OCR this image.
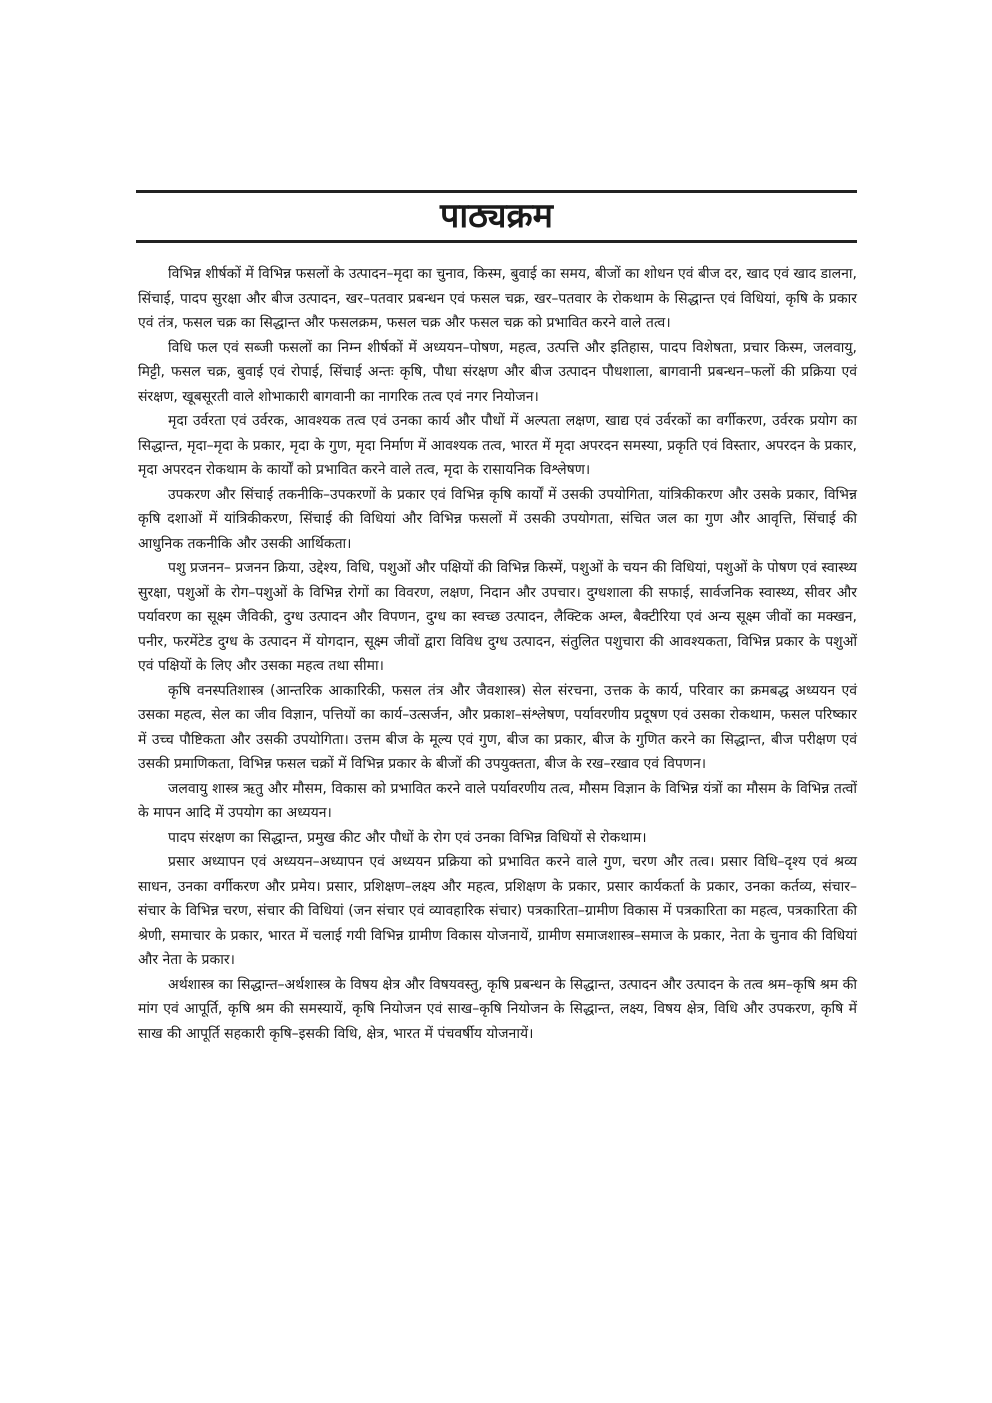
पाठ्यक्रम

विभिन्न शीर्षकों में विभिन्न फसलों के उत्पादन–मृदा का चुनाव, किस्म, बुवाई का समय, बीजों का शोधन एवं बीज दर, खाद एवं खाद डालना, सिंचाई, पादप सुरक्षा और बीज उत्पादन, खर–पतवार प्रबन्धन एवं फसल चक्र, खर–पतवार के रोकथाम के सिद्धान्त एवं विधियां, कृषि के प्रकार एवं तंत्र, फसल चक्र का सिद्धान्त और फसलक्रम, फसल चक्र और फसल चक्र को प्रभावित करने वाले तत्व।

विधि फल एवं सब्जी फसलों का निम्न शीर्षकों में अध्ययन–पोषण, महत्व, उत्पत्ति और इतिहास, पादप विशेषता, प्रचार किस्म, जलवायु, मिट्टी, फसल चक्र, बुवाई एवं रोपाई, सिंचाई अन्तः कृषि, पौधा संरक्षण और बीज उत्पादन पौधशाला, बागवानी प्रबन्धन–फलों की प्रक्रिया एवं संरक्षण, खूबसूरती वाले शोभाकारी बागवानी का नागरिक तत्व एवं नगर नियोजन।

मृदा उर्वरता एवं उर्वरक, आवश्यक तत्व एवं उनका कार्य और पौधों में अल्पता लक्षण, खाद्य एवं उर्वरकों का वर्गीकरण, उर्वरक प्रयोग का सिद्धान्त, मृदा–मृदा के प्रकार, मृदा के गुण, मृदा निर्माण में आवश्यक तत्व, भारत में मृदा अपरदन समस्या, प्रकृति एवं विस्तार, अपरदन के प्रकार, मृदा अपरदन रोकथाम के कार्यों को प्रभावित करने वाले तत्व, मृदा के रासायनिक विश्लेषण।

उपकरण और सिंचाई तकनीकि–उपकरणों के प्रकार एवं विभिन्न कृषि कार्यों में उसकी उपयोगिता, यांत्रिकीकरण और उसके प्रकार, विभिन्न कृषि दशाओं में यांत्रिकीकरण, सिंचाई की विधियां और विभिन्न फसलों में उसकी उपयोगता, संचित जल का गुण और आवृत्ति, सिंचाई की आधुनिक तकनीकि और उसकी आर्थिकता।

पशु प्रजनन– प्रजनन क्रिया, उद्देश्य, विधि, पशुओं और पक्षियों की विभिन्न किस्में, पशुओं के चयन की विधियां, पशुओं के पोषण एवं स्वास्थ्य सुरक्षा, पशुओं के रोग–पशुओं के विभिन्न रोगों का विवरण, लक्षण, निदान और उपचार। दुग्धशाला की सफाई, सार्वजनिक स्वास्थ्य, सीवर और पर्यावरण का सूक्ष्म जैविकी, दुग्ध उत्पादन और विपणन, दुग्ध का स्वच्छ उत्पादन, लैक्टिक अम्ल, बैक्टीरिया एवं अन्य सूक्ष्म जीवों का मक्खन, पनीर, फरमेंटेड दुग्ध के उत्पादन में योगदान, सूक्ष्म जीवों द्वारा विविध दुग्ध उत्पादन, संतुलित पशुचारा की आवश्यकता, विभिन्न प्रकार के पशुओं एवं पक्षियों के लिए और उसका महत्व तथा सीमा।

कृषि वनस्पतिशास्त्र (आन्तरिक आकारिकी, फसल तंत्र और जैवशास्त्र) सेल संरचना, उत्तक के कार्य, परिवार का क्रमबद्ध अध्ययन एवं उसका महत्व, सेल का जीव विज्ञान, पत्तियों का कार्य–उत्सर्जन, और प्रकाश–संश्लेषण, पर्यावरणीय प्रदूषण एवं उसका रोकथाम, फसल परिष्कार में उच्च पौष्टिकता और उसकी उपयोगिता। उत्तम बीज के मूल्य एवं गुण, बीज का प्रकार, बीज के गुणित करने का सिद्धान्त, बीज परीक्षण एवं उसकी प्रमाणिकता, विभिन्न फसल चक्रों में विभिन्न प्रकार के बीजों की उपयुक्तता, बीज के रख–रखाव एवं विपणन।

जलवायु शास्त्र ऋतु और मौसम, विकास को प्रभावित करने वाले पर्यावरणीय तत्व, मौसम विज्ञान के विभिन्न यंत्रों का मौसम के विभिन्न तत्वों के मापन आदि में उपयोग का अध्ययन।

पादप संरक्षण का सिद्धान्त, प्रमुख कीट और पौधों के रोग एवं उनका विभिन्न विधियों से रोकथाम।

प्रसार अध्यापन एवं अध्ययन–अध्यापन एवं अध्ययन प्रक्रिया को प्रभावित करने वाले गुण, चरण और तत्व। प्रसार विधि–दृश्य एवं श्रव्य साधन, उनका वर्गीकरण और प्रमेय। प्रसार, प्रशिक्षण–लक्ष्य और महत्व, प्रशिक्षण के प्रकार, प्रसार कार्यकर्ता के प्रकार, उनका कर्तव्य, संचार–संचार के विभिन्न चरण, संचार की विधियां (जन संचार एवं व्यावहारिक संचार) पत्रकारिता–ग्रामीण विकास में पत्रकारिता का महत्व, पत्रकारिता की श्रेणी, समाचार के प्रकार, भारत में चलाई गयी विभिन्न ग्रामीण विकास योजनायें, ग्रामीण समाजशास्त्र–समाज के प्रकार, नेता के चुनाव की विधियां और नेता के प्रकार।

अर्थशास्त्र का सिद्धान्त–अर्थशास्त्र के विषय क्षेत्र और विषयवस्तु, कृषि प्रबन्धन के सिद्धान्त, उत्पादन और उत्पादन के तत्व श्रम–कृषि श्रम की मांग एवं आपूर्ति, कृषि श्रम की समस्यायें, कृषि नियोजन एवं साख–कृषि नियोजन के सिद्धान्त, लक्ष्य, विषय क्षेत्र, विधि और उपकरण, कृषि में साख की आपूर्ति सहकारी कृषि–इसकी विधि, क्षेत्र, भारत में पंचवर्षीय योजनायें।
